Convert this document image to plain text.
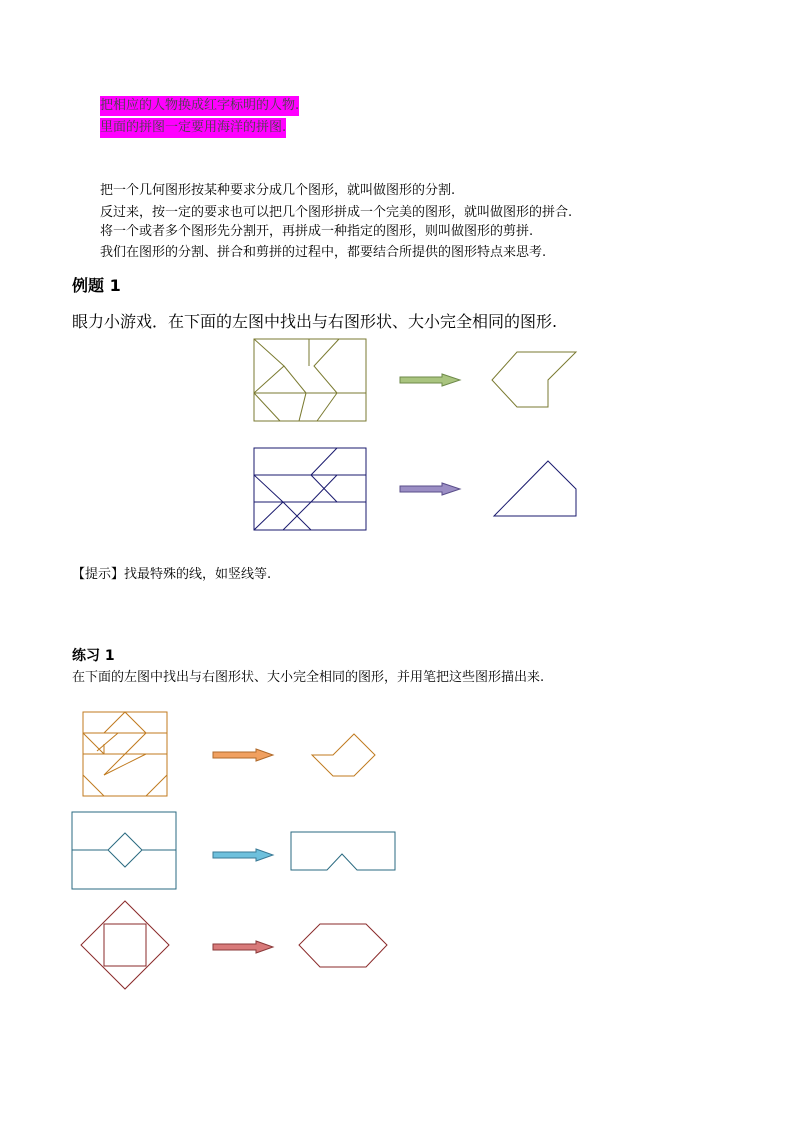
把相应的人物换成红字标明的人物.
里面的拼图一定要用海洋的拼图.
把一个几何图形按某种要求分成几个图形，就叫做图形的分割.
反过来，按一定的要求也可以把几个图形拼成一个完美的图形，就叫做图形的拼合.
将一个或者多个图形先分割开，再拼成一种指定的图形，则叫做图形的剪拼.
我们在图形的分割、拼合和剪拼的过程中，都要结合所提供的图形特点来思考.
例题 1
眼力小游戏．在下面的左图中找出与右图形状、大小完全相同的图形.
【提示】找最特殊的线，如竖线等.
练习 1
在下面的左图中找出与右图形状、大小完全相同的图形，并用笔把这些图形描出来.
